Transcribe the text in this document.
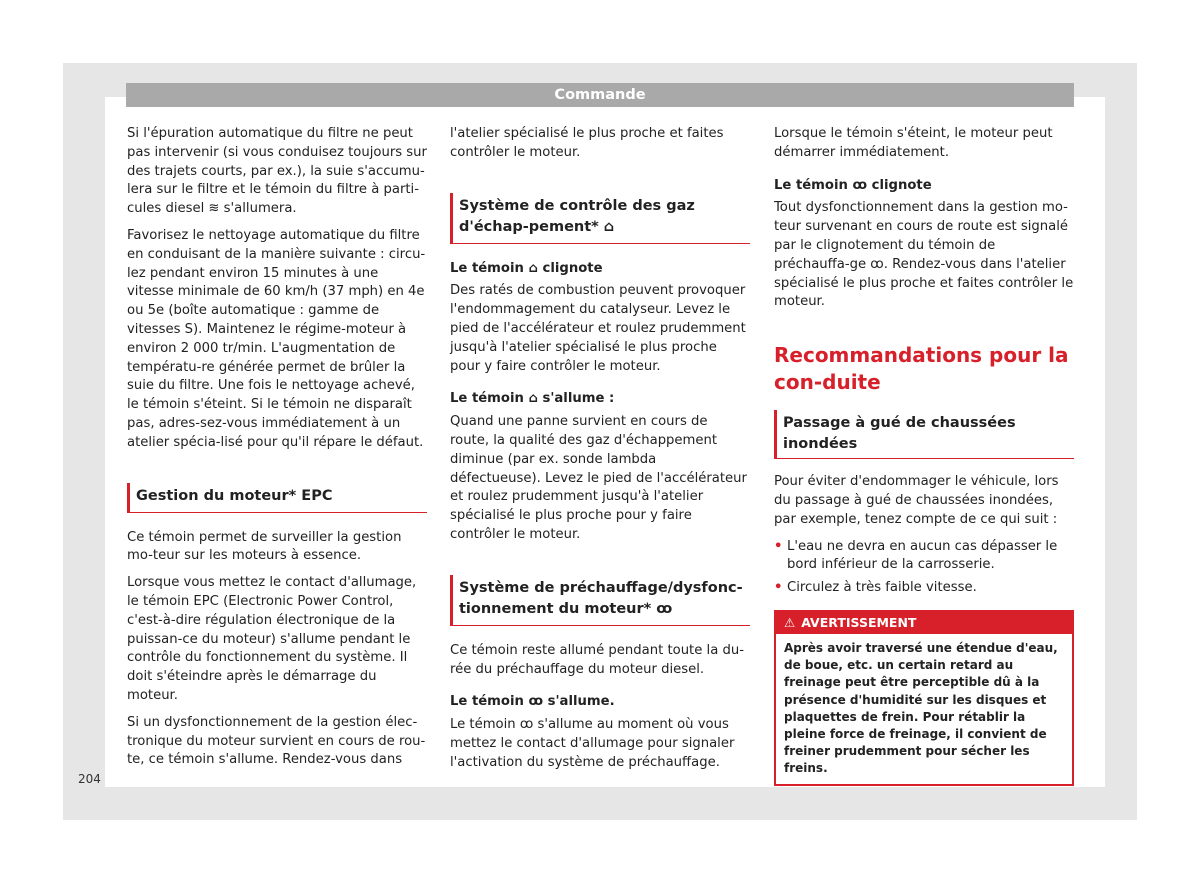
Commande

Si l'épuration automatique du filtre ne peut pas intervenir (si vous conduisez toujours sur des trajets courts, par ex.), la suie s'accumu-lera sur le filtre et le témoin du filtre à parti-cules diesel ≋ s'allumera.

Favorisez le nettoyage automatique du filtre en conduisant de la manière suivante : circu-lez pendant environ 15 minutes à une vitesse minimale de 60 km/h (37 mph) en 4e ou 5e (boîte automatique : gamme de vitesses S). Maintenez le régime-moteur à environ 2 000 tr/min. L'augmentation de températu-re générée permet de brûler la suie du filtre. Une fois le nettoyage achevé, le témoin s'éteint. Si le témoin ne disparaît pas, adres-sez-vous immédiatement à un atelier spécia-lisé pour qu'il répare le défaut.

Gestion du moteur* EPC

Ce témoin permet de surveiller la gestion mo-teur sur les moteurs à essence.

Lorsque vous mettez le contact d'allumage, le témoin EPC (Electronic Power Control, c'est-à-dire régulation électronique de la puissan-ce du moteur) s'allume pendant le contrôle du fonctionnement du système. Il doit s'éteindre après le démarrage du moteur.

Si un dysfonctionnement de la gestion élec-tronique du moteur survient en cours de rou-te, ce témoin s'allume. Rendez-vous dans

l'atelier spécialisé le plus proche et faites contrôler le moteur.

Système de contrôle des gaz d'échap-pement* ⌂

Le témoin ⌂ clignote

Des ratés de combustion peuvent provoquer l'endommagement du catalyseur. Levez le pied de l'accélérateur et roulez prudemment jusqu'à l'atelier spécialisé le plus proche pour y faire contrôler le moteur.

Le témoin ⌂ s'allume :

Quand une panne survient en cours de route, la qualité des gaz d'échappement diminue (par ex. sonde lambda défectueuse). Levez le pied de l'accélérateur et roulez prudemment jusqu'à l'atelier spécialisé le plus proche pour y faire contrôler le moteur.

Système de préchauffage/dysfonc-tionnement du moteur* ꝏ

Ce témoin reste allumé pendant toute la du-rée du préchauffage du moteur diesel.

Le témoin ꝏ s'allume.

Le témoin ꝏ s'allume au moment où vous mettez le contact d'allumage pour signaler l'activation du système de préchauffage.

Lorsque le témoin s'éteint, le moteur peut démarrer immédiatement.

Le témoin ꝏ clignote

Tout dysfonctionnement dans la gestion mo-teur survenant en cours de route est signalé par le clignotement du témoin de préchauffa-ge ꝏ. Rendez-vous dans l'atelier spécialisé le plus proche et faites contrôler le moteur.

Recommandations pour la con-duite
Passage à gué de chaussées inondées

Pour éviter d'endommager le véhicule, lors du passage à gué de chaussées inondées, par exemple, tenez compte de ce qui suit :

• L'eau ne devra en aucun cas dépasser le bord inférieur de la carrosserie.
• Circulez à très faible vitesse.
⚠ AVERTISSEMENT
Après avoir traversé une étendue d'eau, de boue, etc. un certain retard au freinage peut être perceptible dû à la présence d'humidité sur les disques et plaquettes de frein. Pour rétablir la pleine force de freinage, il convient de freiner prudemment pour sécher les freins.
204
